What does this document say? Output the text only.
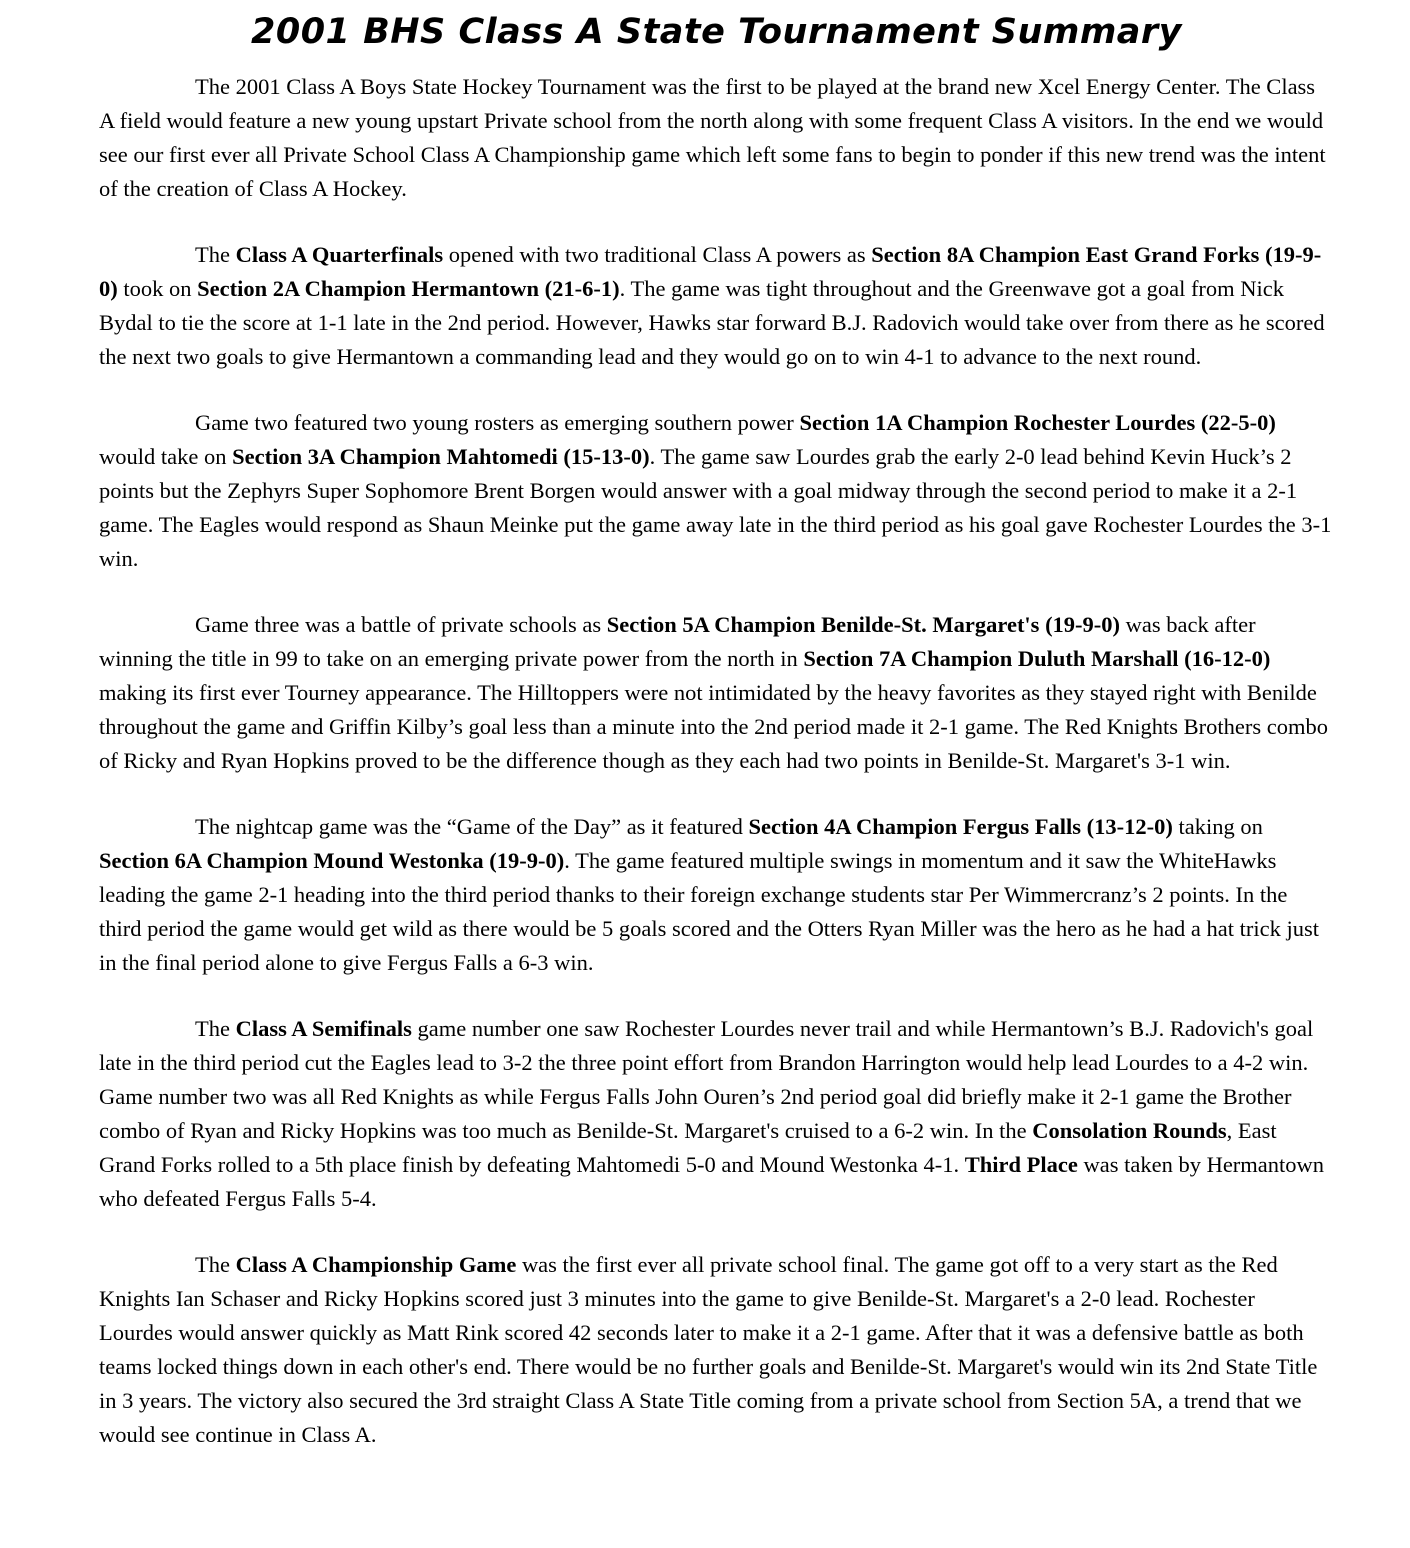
2001 BHS Class A State Tournament Summary

The 2001 Class A Boys State Hockey Tournament was the first to be played at the brand new Xcel Energy Center. The Class A field would feature a new young upstart Private school from the north along with some frequent Class A visitors. In the end we would see our first ever all Private School Class A Championship game which left some fans to begin to ponder if this new trend was the intent of the creation of Class A Hockey.

The Class A Quarterfinals opened with two traditional Class A powers as Section 8A Champion East Grand Forks (19-9-0) took on Section 2A Champion Hermantown (21-6-1). The game was tight throughout and the Greenwave got a goal from Nick Bydal to tie the score at 1-1 late in the 2nd period. However, Hawks star forward B.J. Radovich would take over from there as he scored the next two goals to give Hermantown a commanding lead and they would go on to win 4-1 to advance to the next round.

Game two featured two young rosters as emerging southern power Section 1A Champion Rochester Lourdes (22-5-0) would take on Section 3A Champion Mahtomedi (15-13-0). The game saw Lourdes grab the early 2-0 lead behind Kevin Huck’s 2 points but the Zephyrs Super Sophomore Brent Borgen would answer with a goal midway through the second period to make it a 2-1 game. The Eagles would respond as Shaun Meinke put the game away late in the third period as his goal gave Rochester Lourdes the 3-1 win.

Game three was a battle of private schools as Section 5A Champion Benilde-St. Margaret's (19-9-0) was back after winning the title in 99 to take on an emerging private power from the north in Section 7A Champion Duluth Marshall (16-12-0) making its first ever Tourney appearance. The Hilltoppers were not intimidated by the heavy favorites as they stayed right with Benilde throughout the game and Griffin Kilby’s goal less than a minute into the 2nd period made it 2-1 game. The Red Knights Brothers combo of Ricky and Ryan Hopkins proved to be the difference though as they each had two points in Benilde-St. Margaret's 3-1 win.

The nightcap game was the “Game of the Day” as it featured Section 4A Champion Fergus Falls (13-12-0) taking on Section 6A Champion Mound Westonka (19-9-0). The game featured multiple swings in momentum and it saw the WhiteHawks leading the game 2-1 heading into the third period thanks to their foreign exchange students star Per Wimmercranz’s 2 points. In the third period the game would get wild as there would be 5 goals scored and the Otters Ryan Miller was the hero as he had a hat trick just in the final period alone to give Fergus Falls a 6-3 win.

The Class A Semifinals game number one saw Rochester Lourdes never trail and while Hermantown’s B.J. Radovich's goal late in the third period cut the Eagles lead to 3-2 the three point effort from Brandon Harrington would help lead Lourdes to a 4-2 win. Game number two was all Red Knights as while Fergus Falls John Ouren’s 2nd period goal did briefly make it 2-1 game the Brother combo of Ryan and Ricky Hopkins was too much as Benilde-St. Margaret's cruised to a 6-2 win. In the Consolation Rounds, East Grand Forks rolled to a 5th place finish by defeating Mahtomedi 5-0 and Mound Westonka 4-1. Third Place was taken by Hermantown who defeated Fergus Falls 5-4.

The Class A Championship Game was the first ever all private school final. The game got off to a very start as the Red Knights Ian Schaser and Ricky Hopkins scored just 3 minutes into the game to give Benilde-St. Margaret's a 2-0 lead. Rochester Lourdes would answer quickly as Matt Rink scored 42 seconds later to make it a 2-1 game. After that it was a defensive battle as both teams locked things down in each other's end. There would be no further goals and Benilde-St. Margaret's would win its 2nd State Title in 3 years. The victory also secured the 3rd straight Class A State Title coming from a private school from Section 5A, a trend that we would see continue in Class A.
